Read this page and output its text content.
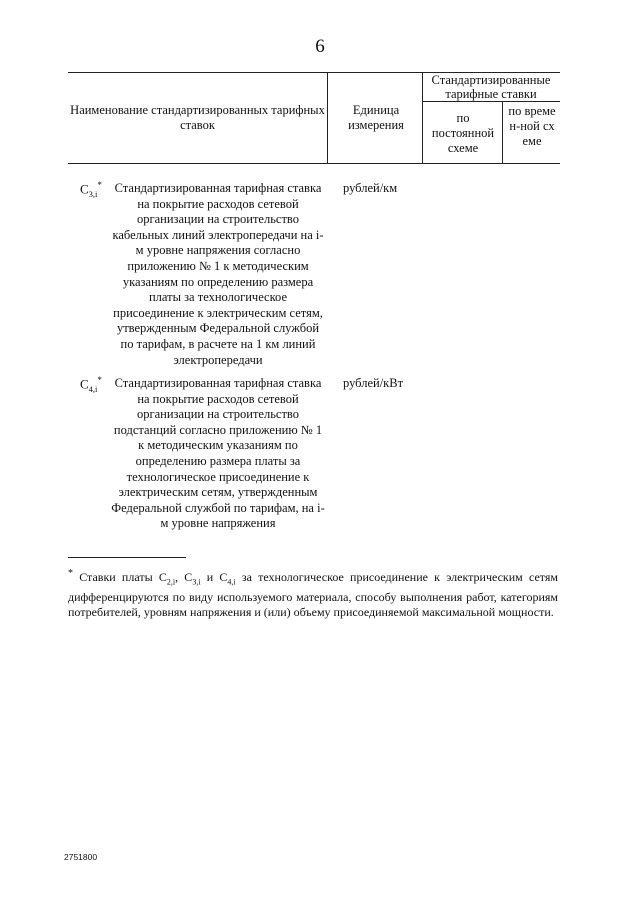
6
Наименование стандартизированных тарифных ставок
Единица измерения
Стандартизированные тарифные ставки
по постоянной схеме
по времен-ной схеме
$C_{3,i}^*$	Стандартизированная тарифная ставка на покрытие расходов сетевой организации на строительство кабельных линий электропередачи на i-м уровне напряжения согласно приложению № 1 к методическим указаниям по определению размера платы за технологическое присоединение к электрическим сетям, утвержденным Федеральной службой по тарифам, в расчете на 1 км линий электропередачи
рублей/км
$C_{4,i}^*$	Стандартизированная тарифная ставка на покрытие расходов сетевой организации на строительство подстанций согласно приложению № 1 к методическим указаниям по определению размера платы за технологическое присоединение к электрическим сетям, утвержденным Федеральной службой по тарифам, на i-м уровне напряжения
рублей/кВт
* Ставки платы $C_{2,i}$, $C_{3,i}$ и $C_{4,i}$ за технологическое присоединение к электрическим сетям дифференцируются по виду используемого материала, способу выполнения работ, категориям потребителей, уровням напряжения и (или) объему присоединяемой максимальной мощности.
2751800
